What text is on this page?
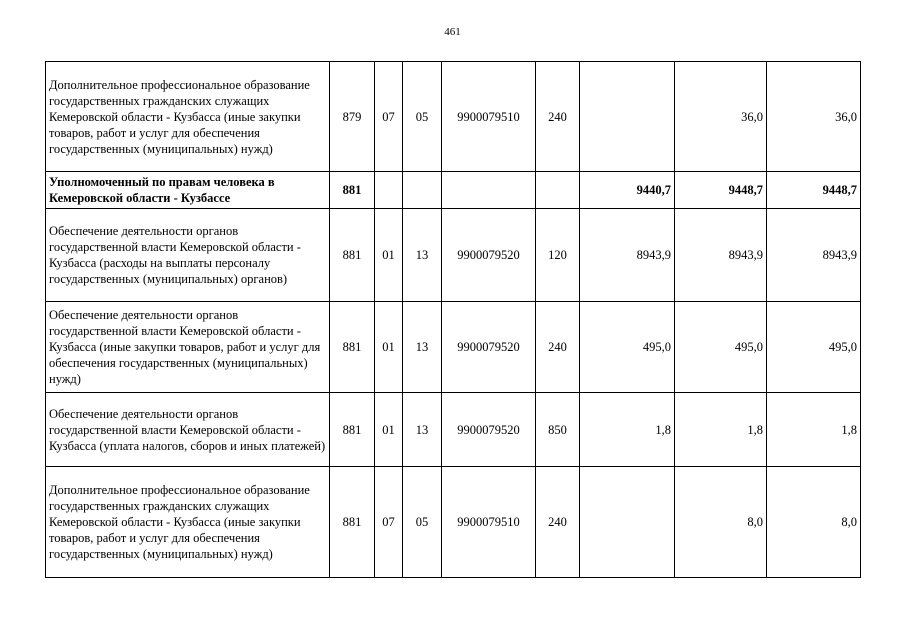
461
Дополнительное профессиональное образование государственных гражданских служащих Кемеровской области - Кузбасса (иные закупки товаров, работ и услуг для обеспечения государственных (муниципальных) нужд)	879	07	05	9900079510	240		36,0	36,0
Уполномоченный по правам человека в Кемеровской области - Кузбассе	881					9440,7	9448,7	9448,7
Обеспечение деятельности органов государственной власти Кемеровской области - Кузбасса (расходы на выплаты персоналу государственных (муниципальных) органов)	881	01	13	9900079520	120	8943,9	8943,9	8943,9
Обеспечение деятельности органов государственной власти Кемеровской области - Кузбасса (иные закупки товаров, работ и услуг для обеспечения государственных (муниципальных) нужд)	881	01	13	9900079520	240	495,0	495,0	495,0
Обеспечение деятельности органов государственной власти Кемеровской области - Кузбасса (уплата налогов, сборов и иных платежей)	881	01	13	9900079520	850	1,8	1,8	1,8
Дополнительное профессиональное образование государственных гражданских служащих Кемеровской области - Кузбасса (иные закупки товаров, работ и услуг для обеспечения государственных (муниципальных) нужд)	881	07	05	9900079510	240		8,0	8,0
